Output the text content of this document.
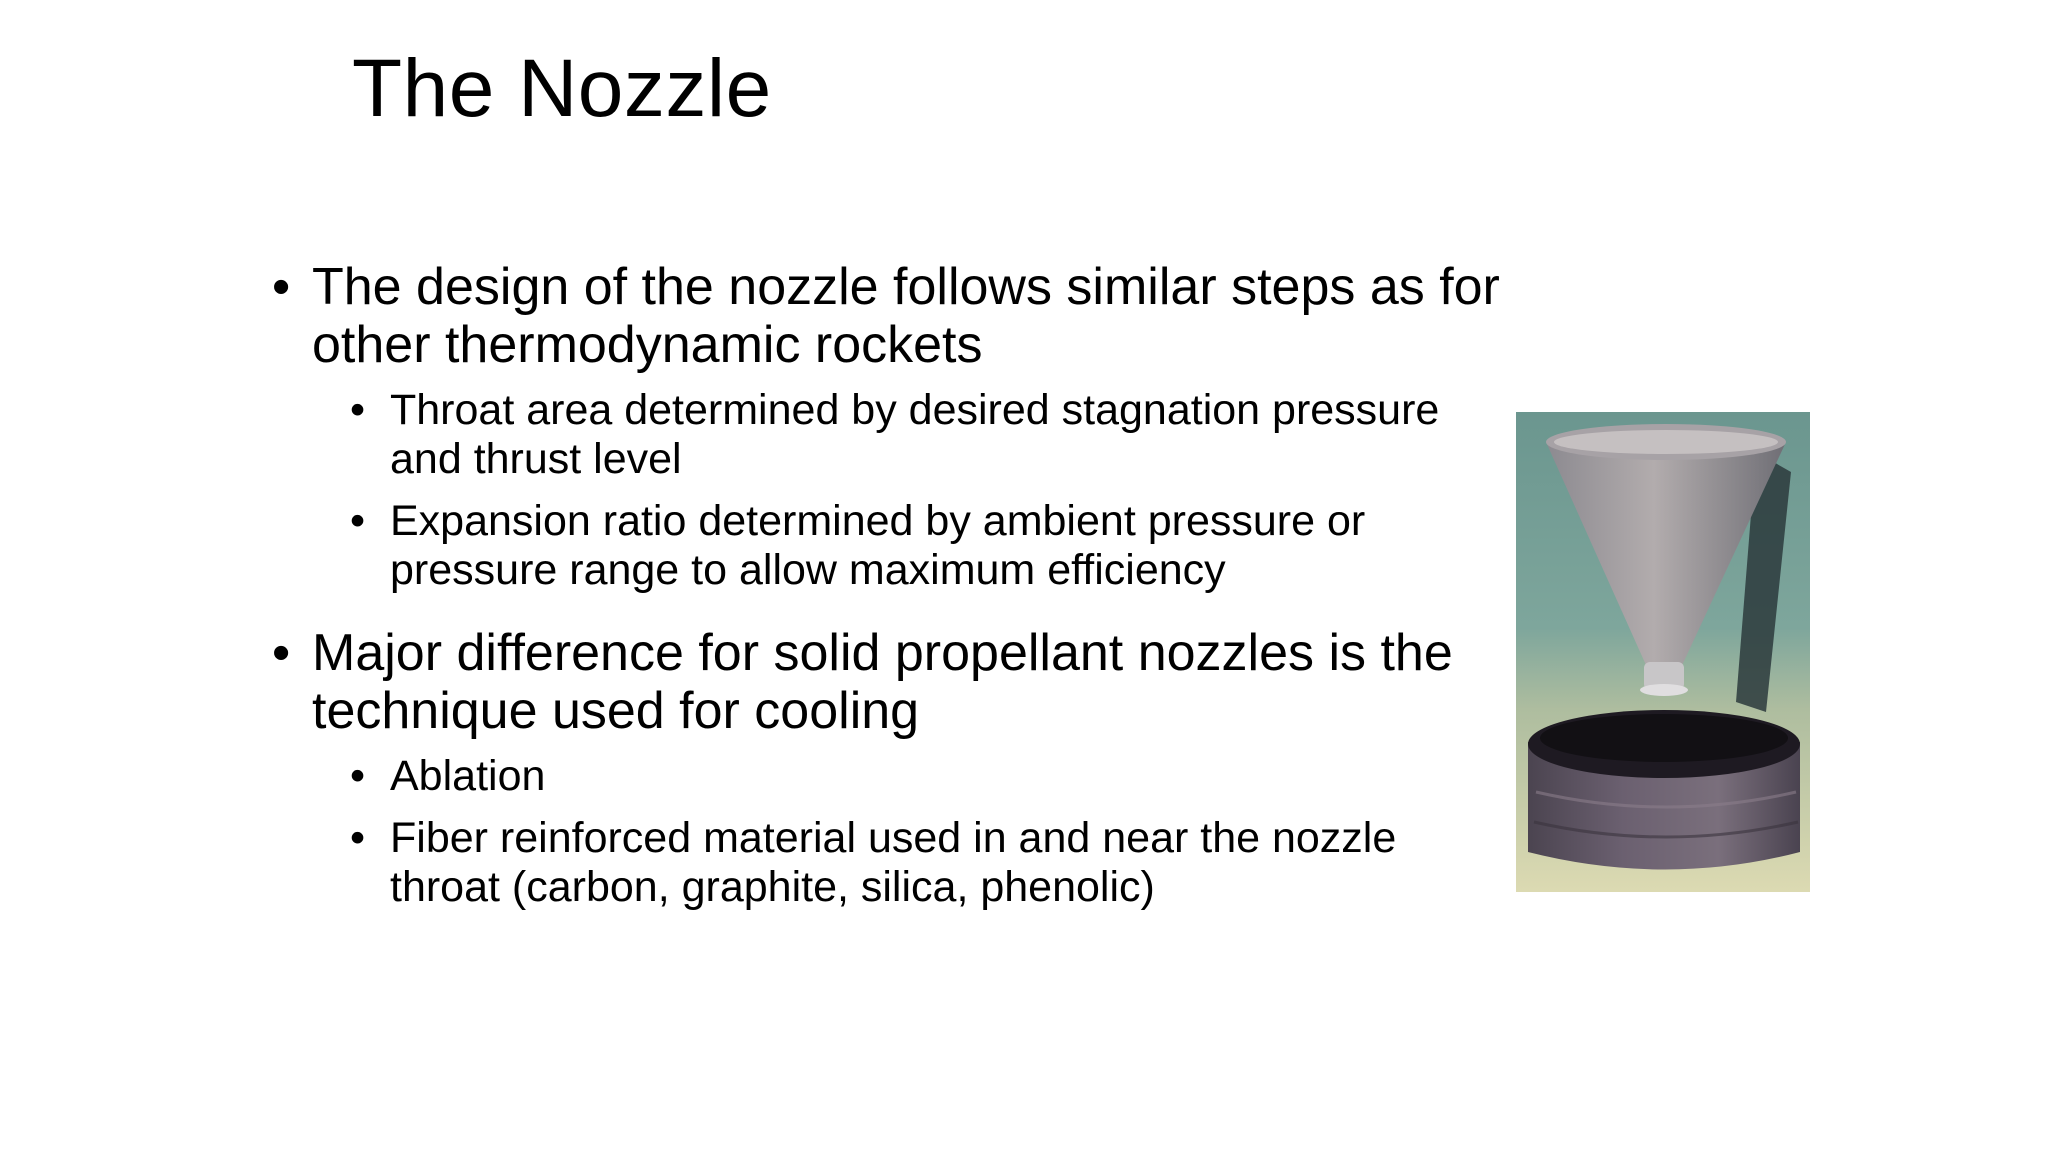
The Nozzle
• The design of the nozzle follows similar steps as for other thermodynamic rockets
• Throat area determined by desired stagnation pressure and thrust level
• Expansion ratio determined by ambient pressure or pressure range to allow maximum efficiency
• Major difference for solid propellant nozzles is the technique used for cooling
• Ablation
• Fiber reinforced material used in and near the nozzle throat (carbon, graphite, silica, phenolic)
